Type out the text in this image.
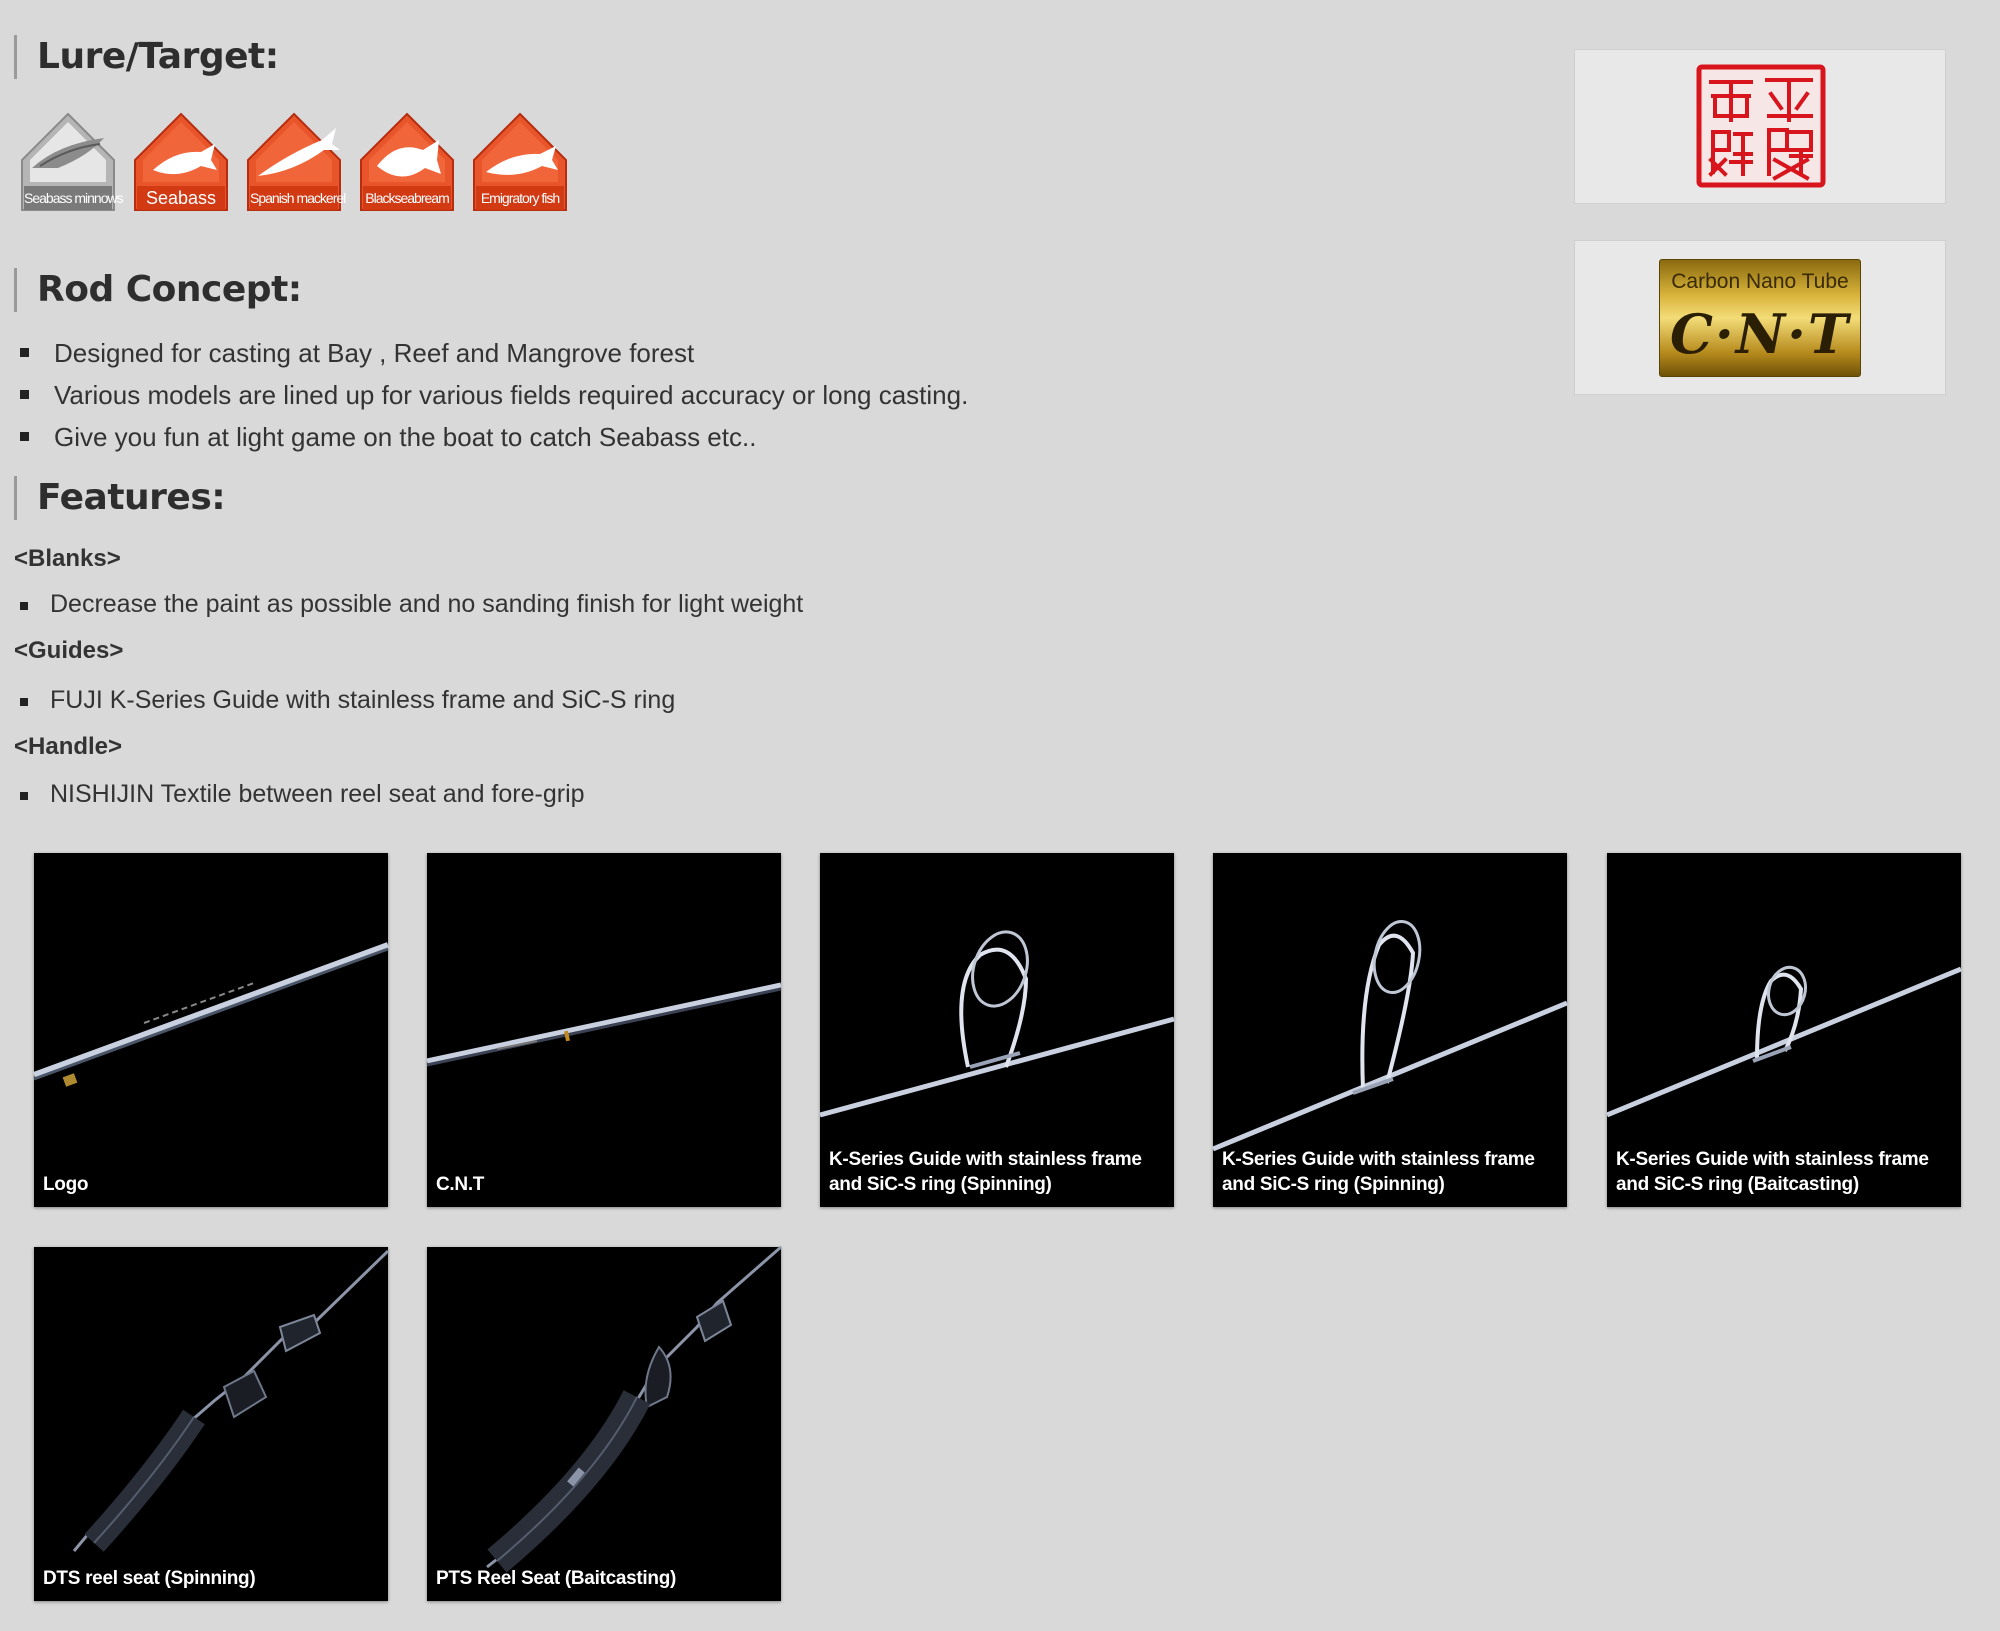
Lure/Target:
Seabass minnows	Seabass	Spanish mackerel Blackseabream	Emigratory fish
Rod Concept:
Designed for casting at Bay , Reef and Mangrove forest
Various models are lined up for various fields required accuracy or long casting.
Give you fun at light game on the boat to catch Seabass etc..
Features:
<Blanks>
Decrease the paint as possible and no sanding finish for light weight
<Guides>
FUJI K-Series Guide with stainless frame and SiC-S ring
<Handle>
NISHIJIN Textile between reel seat and fore-grip
Carbon Nano Tube
C·N·T
Logo	C.N.T
K-Series Guide with stainless frame and SiC-S ring (Spinning)
K-Series Guide with stainless frame and SiC-S ring (Spinning)
K-Series Guide with stainless frame and SiC-S ring (Baitcasting)
DTS reel seat (Spinning)	PTS Reel Seat (Baitcasting)
